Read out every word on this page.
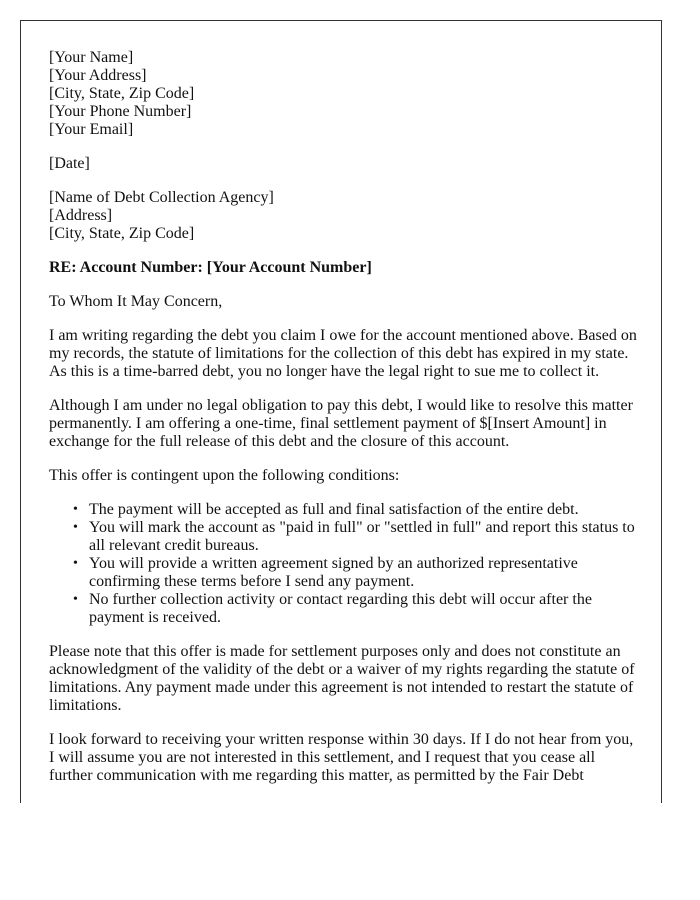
[Your Name]
[Your Address]
[City, State, Zip Code]
[Your Phone Number]
[Your Email]
[Date]
[Name of Debt Collection Agency]
[Address]
[City, State, Zip Code]
RE: Account Number: [Your Account Number]

To Whom It May Concern,

I am writing regarding the debt you claim I owe for the account mentioned above. Based on my records, the statute of limitations for the collection of this debt has expired in my state. As this is a time-barred debt, you no longer have the legal right to sue me to collect it.

Although I am under no legal obligation to pay this debt, I would like to resolve this matter permanently. I am offering a one-time, final settlement payment of $[Insert Amount] in exchange for the full release of this debt and the closure of this account.

This offer is contingent upon the following conditions:

• The payment will be accepted as full and final satisfaction of the entire debt.
• You will mark the account as "paid in full" or "settled in full" and report this status to all relevant credit bureaus.
• You will provide a written agreement signed by an authorized representative confirming these terms before I send any payment.
• No further collection activity or contact regarding this debt will occur after the payment is received.

Please note that this offer is made for settlement purposes only and does not constitute an acknowledgment of the validity of the debt or a waiver of my rights regarding the statute of limitations. Any payment made under this agreement is not intended to restart the statute of limitations.

I look forward to receiving your written response within 30 days. If I do not hear from you, I will assume you are not interested in this settlement, and I request that you cease all further communication with me regarding this matter, as permitted by the Fair Debt
